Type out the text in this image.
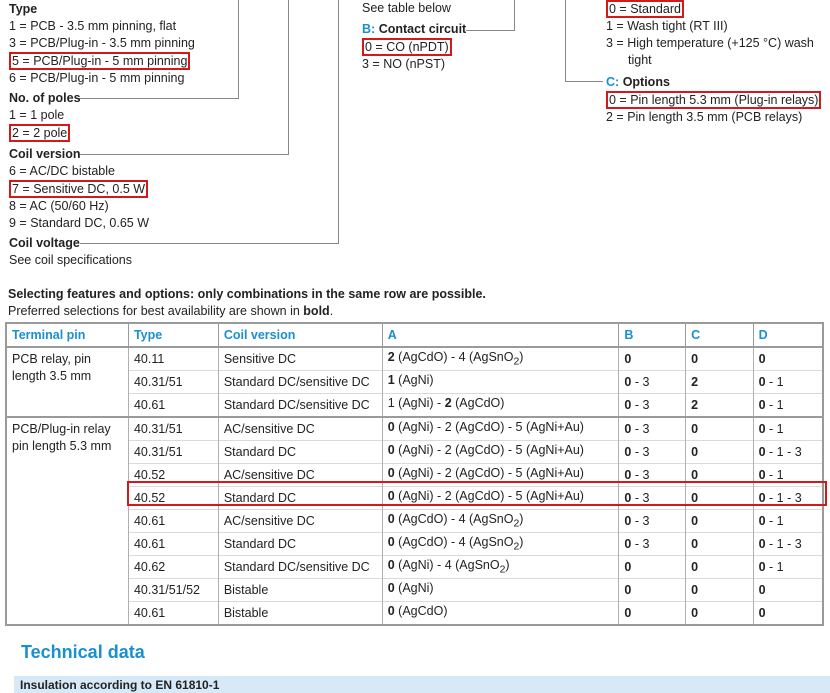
Type
1 = PCB - 3.5 mm pinning, flat
3 = PCB/Plug-in - 3.5 mm pinning
5 = PCB/Plug-in - 5 mm pinning
6 = PCB/Plug-in - 5 mm pinning
No. of poles
1 = 1 pole
2 = 2 pole
Coil version
6 = AC/DC bistable
7 = Sensitive DC, 0.5 W
8 = AC (50/60 Hz)
9 = Standard DC, 0.65 W
Coil voltage
See coil specifications
See table below
B: Contact circuit
0 = CO (nPDT)
3 = NO (nPST)
0 = Standard
1 = Wash tight (RT III)
3 = High temperature (+125 °C) wash
tight
C: Options
0 = Pin length 5.3 mm (Plug-in relays)
2 = Pin length 3.5 mm (PCB relays)
Selecting features and options: only combinations in the same row are possible.
Preferred selections for best availability are shown in bold.
Terminal pin	Type	Coil version	A	B	C	D
PCB relay, pin length 3.5 mm	40.11	Sensitive DC	2 (AgCdO) - 4 (AgSnO$_2$)	0	0	0
	40.31/51	Standard DC/sensitive DC	1 (AgNi)	0 - 3	2	0 - 1
	40.61	Standard DC/sensitive DC	1 (AgNi) - 2 (AgCdO)	0 - 3	2	0 - 1
PCB/Plug-in relay pin length 5.3 mm	40.31/51	AC/sensitive DC	0 (AgNi) - 2 (AgCdO) - 5 (AgNi+Au)	0 - 3	0	0 - 1
	40.31/51	Standard DC	0 (AgNi) - 2 (AgCdO) - 5 (AgNi+Au)	0 - 3	0	0 - 1 - 3
	40.52	AC/sensitive DC	0 (AgNi) - 2 (AgCdO) - 5 (AgNi+Au)	0 - 3	0	0 - 1
	40.52	Standard DC	0 (AgNi) - 2 (AgCdO) - 5 (AgNi+Au)	0 - 3	0	0 - 1 - 3
	40.61	AC/sensitive DC	0 (AgCdO) - 4 (AgSnO$_2$)	0 - 3	0	0 - 1
	40.61	Standard DC	0 (AgCdO) - 4 (AgSnO$_2$)	0 - 3	0	0 - 1 - 3
	40.62	Standard DC/sensitive DC	0 (AgNi) - 4 (AgSnO$_2$)	0	0	0 - 1
	40.31/51/52	Bistable	0 (AgNi)	0	0	0
	40.61	Bistable	0 (AgCdO)	0	0	0
Technical data
Insulation according to EN 61810-1
